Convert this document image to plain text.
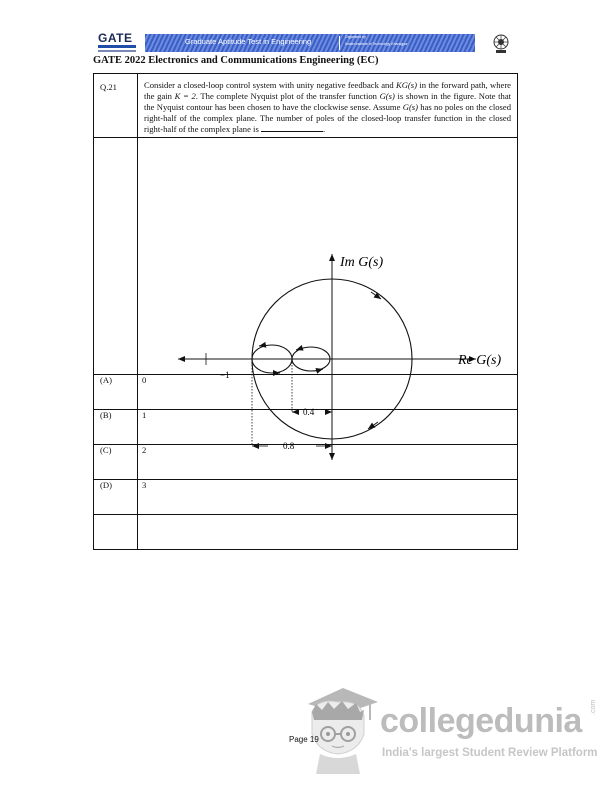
GATE	Graduate Aptitude Test in Engineering	Organised by
Indian Institute of Technology Kharagpur
GATE 2022 Electronics and Communications Engineering (EC)
Q.21	Consider a closed-loop control system with unity negative feedback and KG(s) in the forward path, where the gain K = 2. The complete Nyquist plot of the transfer function G(s) is shown in the figure. Note that the Nyquist contour has been chosen to have the clockwise sense. Assume G(s) has no poles on the closed right-half of the complex plane. The number of poles of the closed-loop transfer function in the closed right-half of the complex plane is .

0.4
0.8
Im G(s)
Re G(s)
−1

(A)	0
(B)	1
(C)	2
(D)	3

Page 19 collegedunia .com
India's largest Student Review Platform
